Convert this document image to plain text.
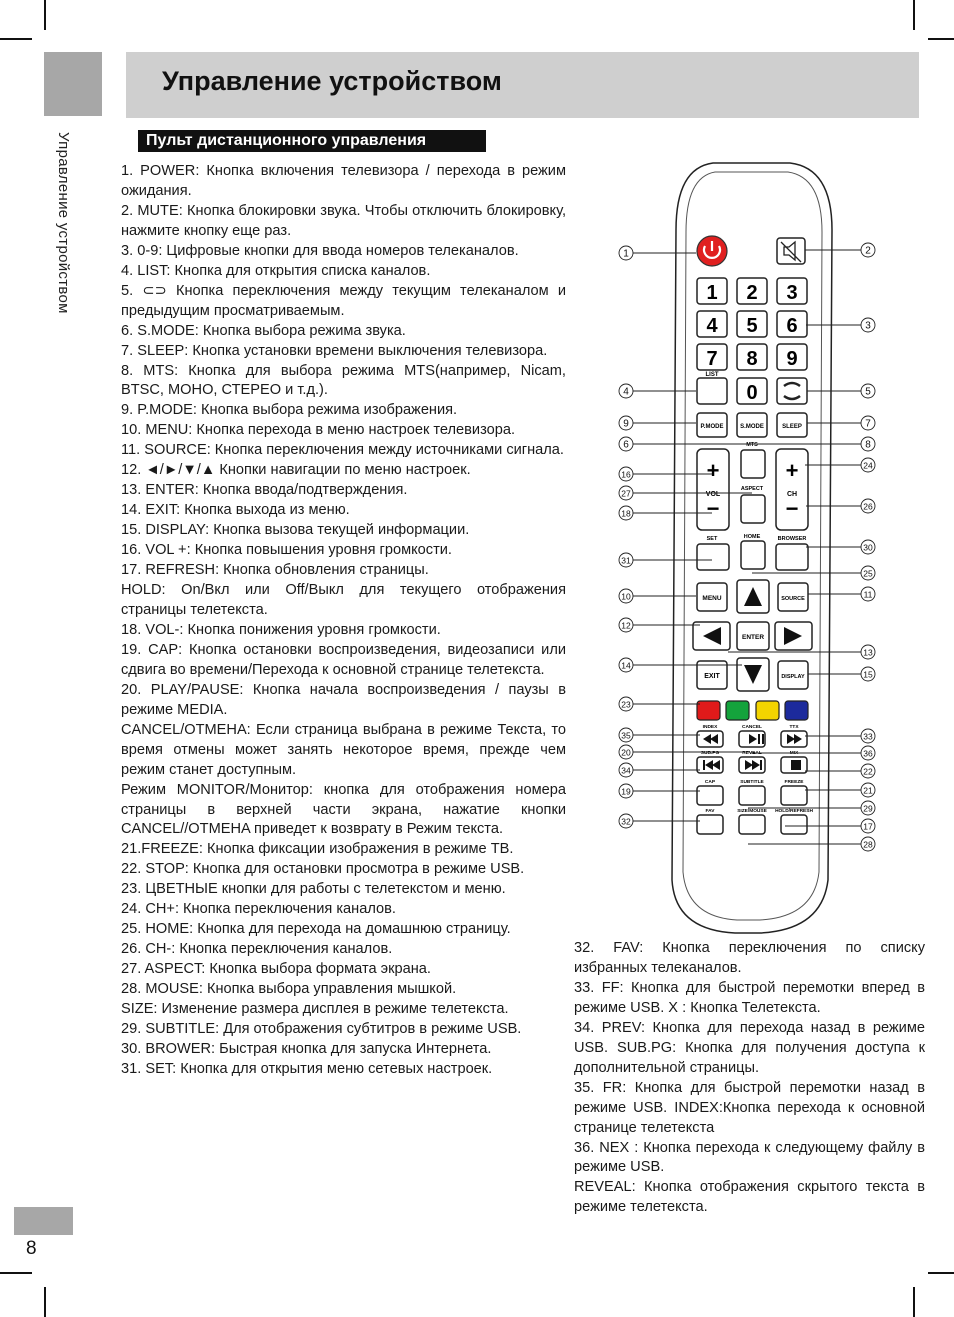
Управление устройством
Управление устройством	Пульт дистанционного управления

1. POWER: Кнопка включения телевизора / перехода в режим ожидания.

2. MUTE: Кнопка блокировки звука. Чтобы отключить блокировку, нажмите кнопку еще раз.

3. 0-9: Цифровые кнопки для ввода номеров телеканалов.

4. LIST: Кнопка для открытия списка каналов.

5. ⊂⊃ Кнопка переключения между текущим телеканалом и предыдущим просматриваемым.

6. S.MODE: Кнопка выбора режима звука.

7. SLEEP: Кнопка установки времени выключения телевизора.

8. MTS: Кнопка для выбора режима MTS(например, Nicam, BTSC, MOHO, СТЕРЕО и т.д.).

9. P.MODE: Кнопка выбора режима изображения.

10. MENU: Кнопка перехода в меню настроек телевизора.

11. SOURCE: Кнопка переключения между источниками сигнала.

12. ◄/►/▼/▲ Кнопки навигации по меню настроек.

13. ENTER: Кнопка ввода/подтверждения.

14. EXIT: Кнопка выхода из меню.

15. DISPLAY: Кнопка вызова текущей информации.

16. VOL +: Кнопка повышения уровня громкости.

17. REFRESH: Кнопка обновления страницы.

HOLD: On/Вкл или Off/Выкл для текущего отображения страницы телетекста.

18. VOL-: Кнопка понижения уровня громкости.

19. CAP: Кнопка остановки воспроизведения, видеозаписи или сдвига во времени/Перехода к основной странице телетекста.

20. PLAY/PAUSE: Кнопка начала воспроизведения / паузы в режиме MEDIA.

CANCEL/OTMEHA: Если страница выбрана в режиме Текста, то время отмены может занять некоторое время, прежде чем режим станет доступным.

Режим MONITOR/Монитор: кнопка для отображения номера страницы в верхней части экрана, нажатие кнопки CANCEL//OTMEHA приведет к возврату в Режим текста.

21.FREEZE: Кнопка фиксации изображения в режиме ТВ.

22. STOP: Кнопка для остановки просмотра в режиме USB.

23. ЦВЕТНЫЕ кнопки для работы с телетекстом и меню.

24. CH+: Кнопка переключения каналов.

25. HOME: Кнопка для перехода на домашнюю страницу.

26. CH-: Кнопка переключения каналов.

27. ASPECT: Кнопка выбора формата экрана.

28. MOUSE: Кнопка выбора управления мышкой.

SIZE: Изменение размера дисплея в режиме телетекста.

29. SUBTITLE: Для отображения субтитров в режиме USB.

30. BROWER: Быстрая кнопка для запуска Интернета.

31. SET: Кнопка для открытия меню сетевых настроек.

32. FAV: Кнопка переключения по списку избранных телеканалов.

33. FF: Кнопка для быстрой перемотки вперед в режиме USB. X : Кнопка Телетекста.

34. PREV: Кнопка для перехода назад в режиме USB. SUB.PG: Кнопка для получения доступа к дополнительной страницы.

35. FR: Кнопка для быстрой перемотки назад в режиме USB. INDEX:Кнопка перехода к основной странице телетекста

36. NEX : Кнопка перехода к следующему файлу в режиме USB.

REVEAL: Кнопка отображения скрытого текста в режиме телетекста.

8
1 2 3
4 5 6
7 8 9
0
LIST
P.MODE	S.MODE	SLEEP
+
−
VOL
+
−
CH
MTS
ASPECT
SET	HOME	BROWSER
ENTER
MENU	SOURCE
EXIT	DISPLAY
INDEX	CANCEL	TTX
SUB.PG	REVEAL	MIX
CAP	SUBTITLE	FREEZE
FAV	SIZE/MOUSE HOLD/REFRESH
1
4
9
6
16
27
18
31
10
12
14
23
35
20
34
19
32
2
3
5
7
8
24
26
30
25
11
13
15
33
36
22
21
29
17
28
